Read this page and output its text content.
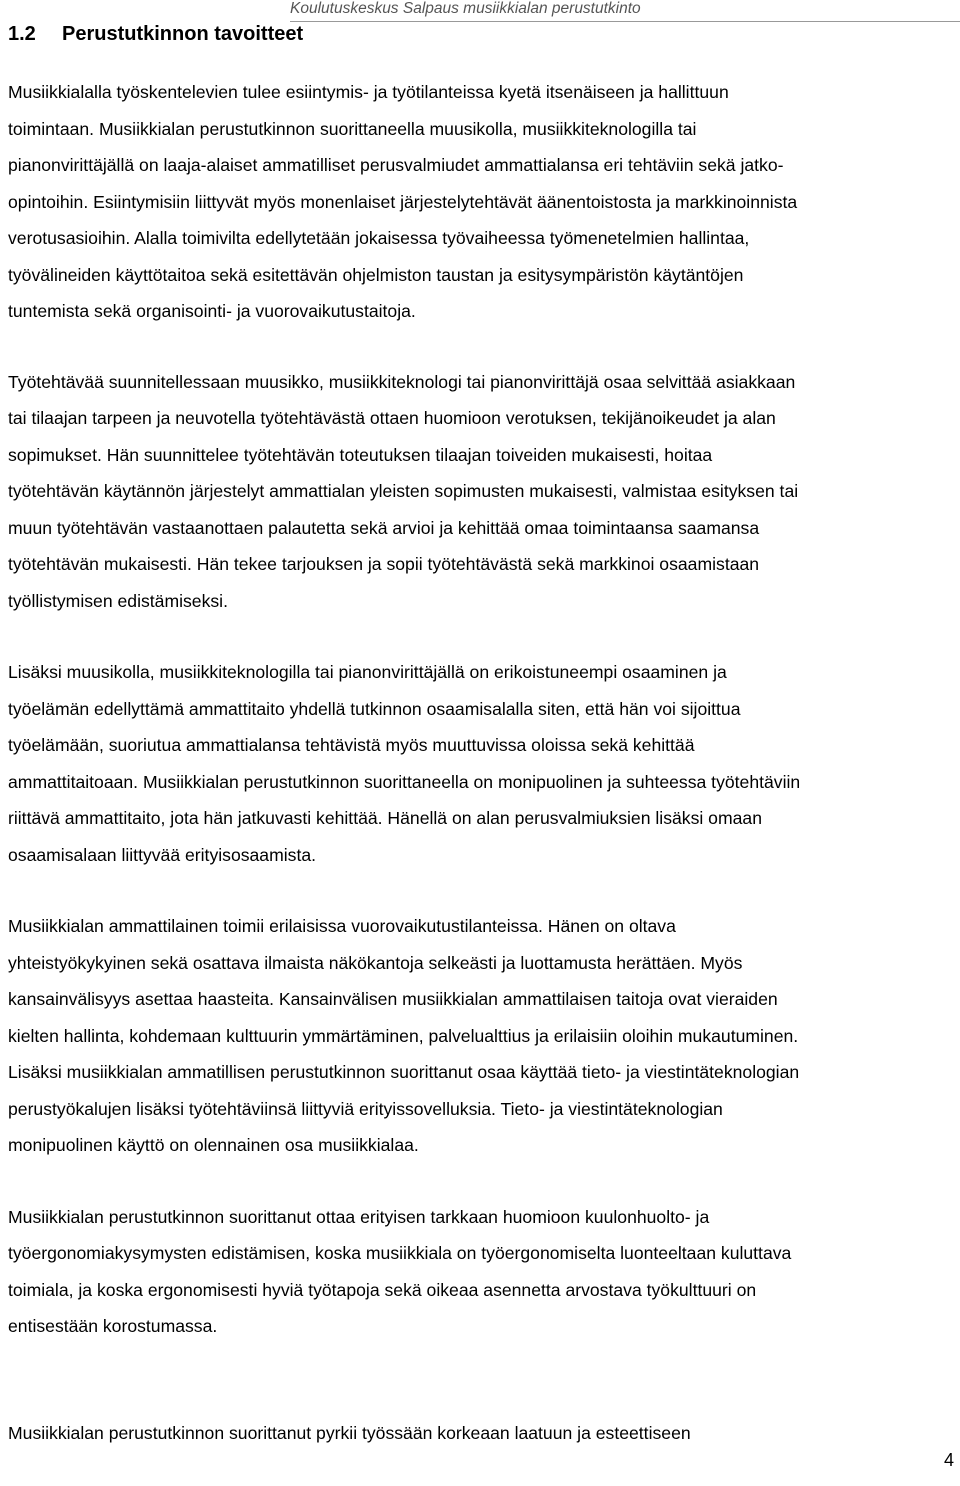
Koulutuskeskus Salpaus musiikkialan perustutkinto
1.2 Perustutkinnon tavoitteet

Musiikkialalla työskentelevien tulee esiintymis- ja työtilanteissa kyetä itsenäiseen ja hallittuun
toimintaan. Musiikkialan perustutkinnon suorittaneella muusikolla, musiikkiteknologilla tai
pianonvirittäjällä on laaja-alaiset ammatilliset perusvalmiudet ammattialansa eri tehtäviin sekä jatko-
opintoihin. Esiintymisiin liittyvät myös monenlaiset järjestelytehtävät äänentoistosta ja markkinoinnista
verotusasioihin. Alalla toimivilta edellytetään jokaisessa työvaiheessa työmenetelmien hallintaa,
työvälineiden käyttötaitoa sekä esitettävän ohjelmiston taustan ja esitysympäristön käytäntöjen
tuntemista sekä organisointi- ja vuorovaikutustaitoja.

Työtehtävää suunnitellessaan muusikko, musiikkiteknologi tai pianonvirittäjä osaa selvittää asiakkaan
tai tilaajan tarpeen ja neuvotella työtehtävästä ottaen huomioon verotuksen, tekijänoikeudet ja alan
sopimukset. Hän suunnittelee työtehtävän toteutuksen tilaajan toiveiden mukaisesti, hoitaa
työtehtävän käytännön järjestelyt ammattialan yleisten sopimusten mukaisesti, valmistaa esityksen tai
muun työtehtävän vastaanottaen palautetta sekä arvioi ja kehittää omaa toimintaansa saamansa
työtehtävän mukaisesti. Hän tekee tarjouksen ja sopii työtehtävästä sekä markkinoi osaamistaan
työllistymisen edistämiseksi.

Lisäksi muusikolla, musiikkiteknologilla tai pianonvirittäjällä on erikoistuneempi osaaminen ja
työelämän edellyttämä ammattitaito yhdellä tutkinnon osaamisalalla siten, että hän voi sijoittua
työelämään, suoriutua ammattialansa tehtävistä myös muuttuvissa oloissa sekä kehittää
ammattitaitoaan. Musiikkialan perustutkinnon suorittaneella on monipuolinen ja suhteessa työtehtäviin
riittävä ammattitaito, jota hän jatkuvasti kehittää. Hänellä on alan perusvalmiuksien lisäksi omaan
osaamisalaan liittyvää erityisosaamista.

Musiikkialan ammattilainen toimii erilaisissa vuorovaikutustilanteissa. Hänen on oltava
yhteistyökykyinen sekä osattava ilmaista näkökantoja selkeästi ja luottamusta herättäen. Myös
kansainvälisyys asettaa haasteita. Kansainvälisen musiikkialan ammattilaisen taitoja ovat vieraiden
kielten hallinta, kohdemaan kulttuurin ymmärtäminen, palvelualttius ja erilaisiin oloihin mukautuminen.
Lisäksi musiikkialan ammatillisen perustutkinnon suorittanut osaa käyttää tieto- ja viestintäteknologian
perustyökalujen lisäksi työtehtäviinsä liittyviä erityissovelluksia. Tieto- ja viestintäteknologian
monipuolinen käyttö on olennainen osa musiikkialaa.

Musiikkialan perustutkinnon suorittanut ottaa erityisen tarkkaan huomioon kuulonhuolto- ja
työergonomiakysymysten edistämisen, koska musiikkiala on työergonomiselta luonteeltaan kuluttava
toimiala, ja koska ergonomisesti hyviä työtapoja sekä oikeaa asennetta arvostava työkulttuuri on
entisestään korostumassa.

Musiikkialan perustutkinnon suorittanut pyrkii työssään korkeaan laatuun ja esteettiseen

4
